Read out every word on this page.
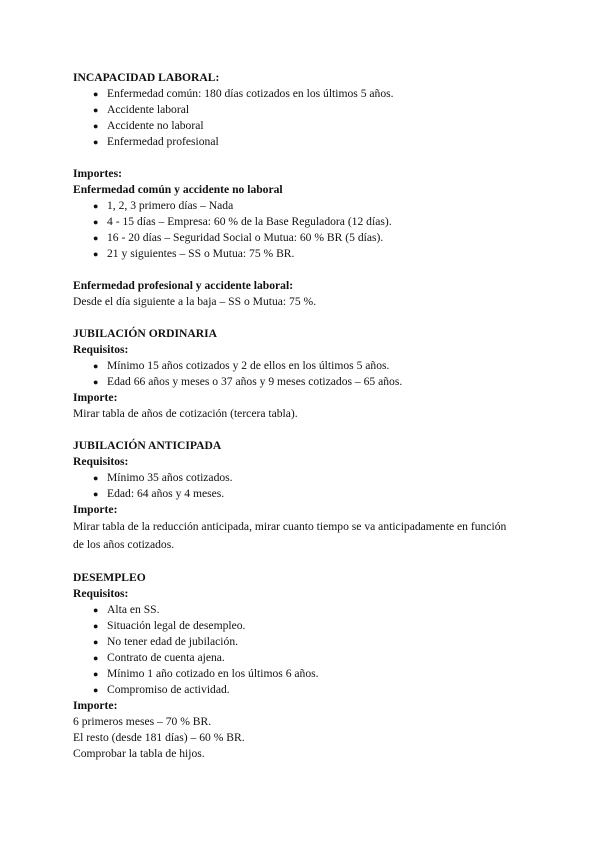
INCAPACIDAD LABORAL:

● Enfermedad común: 180 días cotizados en los últimos 5 años.
● Accidente laboral
● Accidente no laboral
● Enfermedad profesional

Importes:

Enfermedad común y accidente no laboral

● 1, 2, 3 primero días – Nada
● 4 - 15 días – Empresa: 60 % de la Base Reguladora (12 días).
● 16 - 20 días – Seguridad Social o Mutua: 60 % BR (5 días).
● 21 y siguientes – SS o Mutua: 75 % BR.

Enfermedad profesional y accidente laboral:

Desde el día siguiente a la baja – SS o Mutua: 75 %.

JUBILACIÓN ORDINARIA

Requisitos:

● Mínimo 15 años cotizados y 2 de ellos en los últimos 5 años.
● Edad 66 años y meses o 37 años y 9 meses cotizados – 65 años.

Importe:

Mirar tabla de años de cotización (tercera tabla).

JUBILACIÓN ANTICIPADA

Requisitos:

● Mínimo 35 años cotizados.
● Edad: 64 años y 4 meses.

Importe:

Mirar tabla de la reducción anticipada, mirar cuanto tiempo se va anticipadamente en función

de los años cotizados.

DESEMPLEO

Requisitos:

● Alta en SS.
● Situación legal de desempleo.
● No tener edad de jubilación.
● Contrato de cuenta ajena.
● Mínimo 1 año cotizado en los últimos 6 años.
● Compromiso de actividad.

Importe:

6 primeros meses – 70 % BR.

El resto (desde 181 días) – 60 % BR.

Comprobar la tabla de hijos.
